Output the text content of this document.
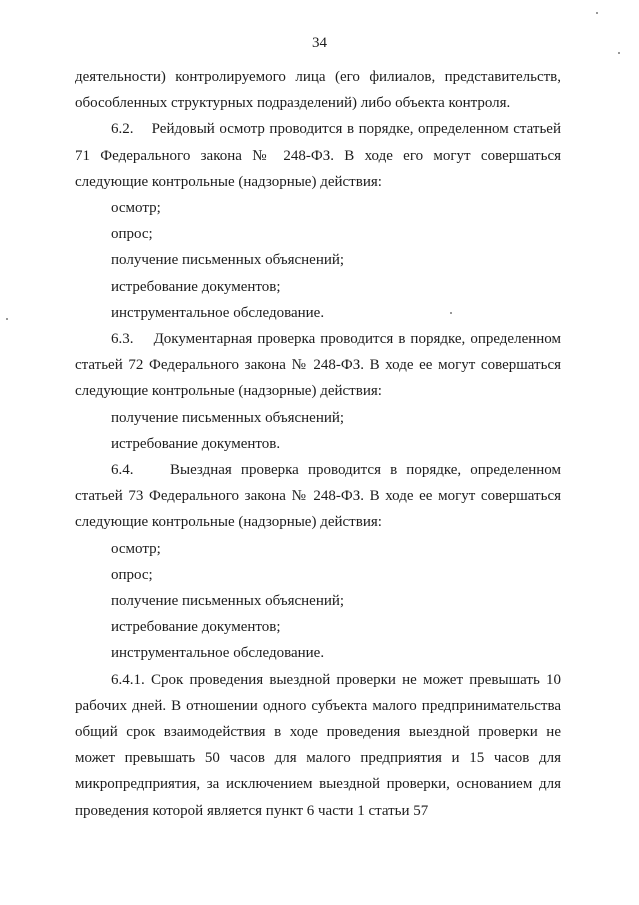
34

деятельности) контролируемого лица (его филиалов, представительств, обособленных структурных подразделений) либо объекта контроля.

6.2.    Рейдовый осмотр проводится в порядке, определенном статьей 71 Федерального закона № 248-ФЗ. В ходе его могут совершаться следующие контрольные (надзорные) действия:

осмотр;

опрос;

получение письменных объяснений;

истребование документов;

инструментальное обследование.

6.3.    Документарная проверка проводится в порядке, определенном статьей 72 Федерального закона № 248-ФЗ. В ходе ее могут совершаться следующие контрольные (надзорные) действия:

получение письменных объяснений;

истребование документов.

6.4.    Выездная проверка проводится в порядке, определенном статьей 73 Федерального закона № 248-ФЗ. В ходе ее могут совершаться следующие контрольные (надзорные) действия:

осмотр;

опрос;

получение письменных объяснений;

истребование документов;

инструментальное обследование.

6.4.1. Срок проведения выездной проверки не может превышать 10 рабочих дней. В отношении одного субъекта малого предпринимательства общий срок взаимодействия в ходе проведения выездной проверки не может превышать 50 часов для малого предприятия и 15 часов для микропредприятия, за исключением выездной проверки, основанием для проведения которой является пункт 6 части 1 статьи 57
